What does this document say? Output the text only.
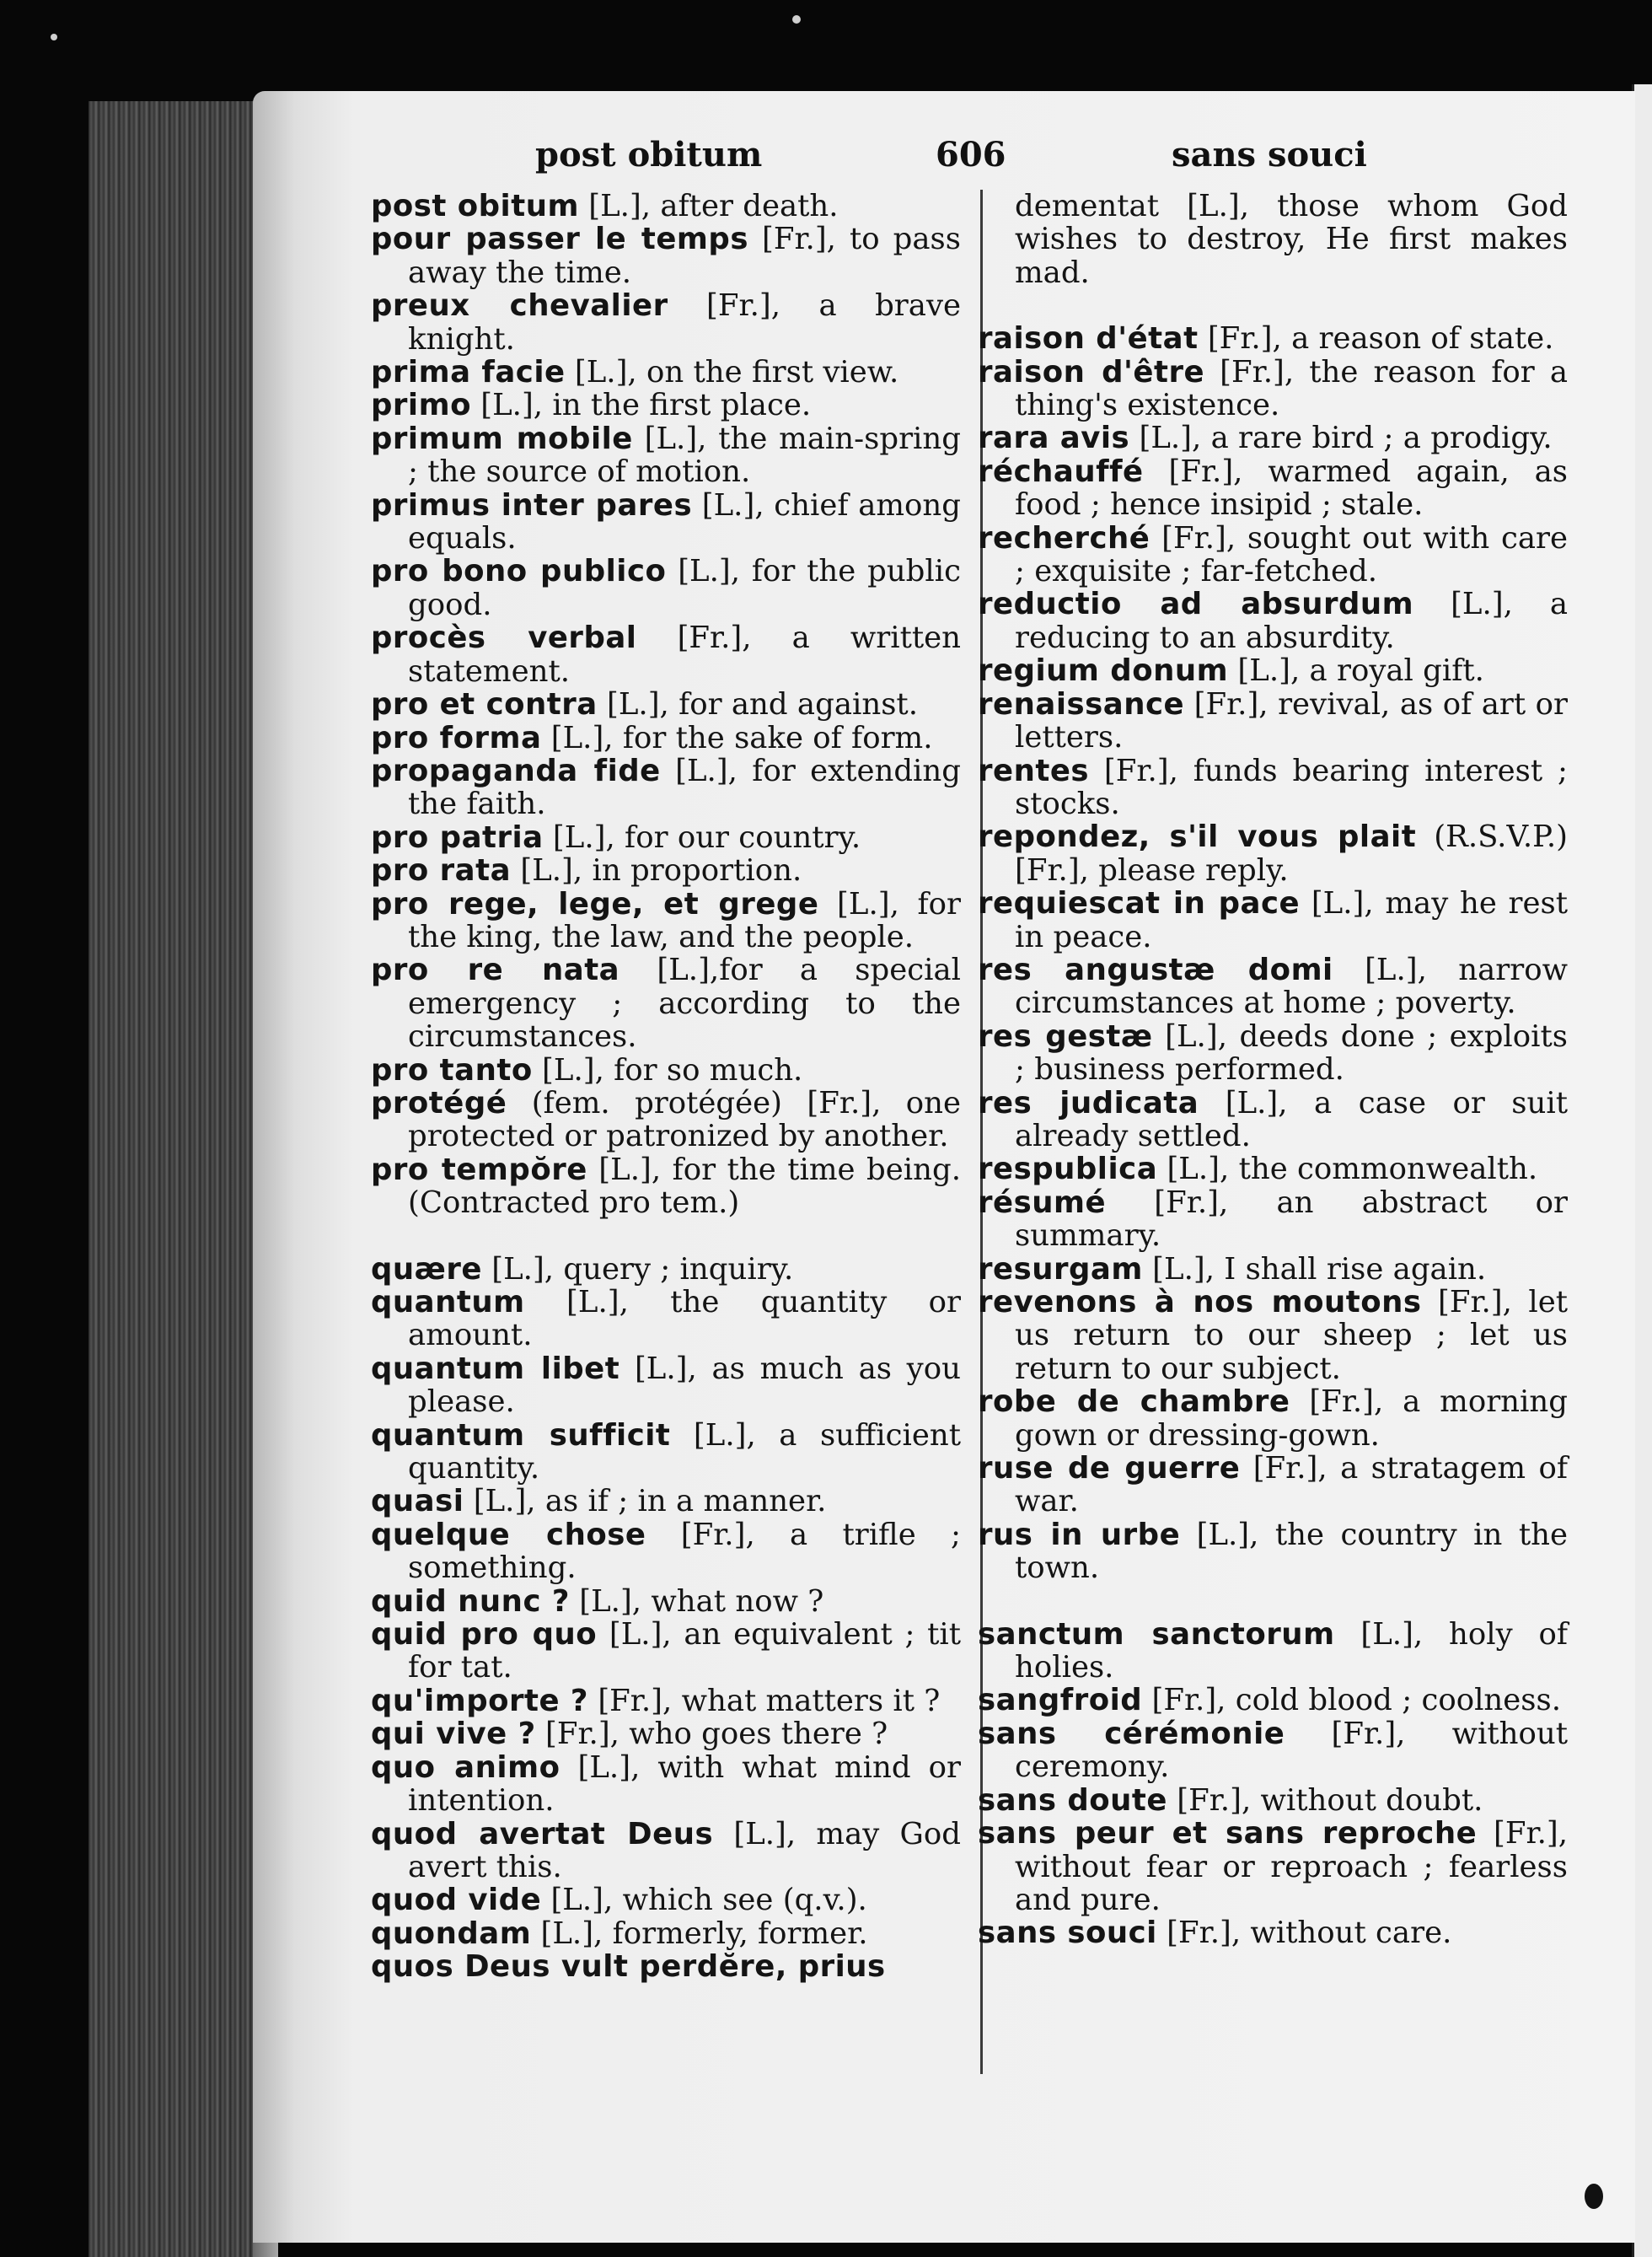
post obitum	606	sans souci

post obitum [L.], after death.

pour passer le temps [Fr.], to pass away the time.

preux chevalier [Fr.], a brave knight.

prima facie [L.], on the first view.

primo [L.], in the first place.

primum mobile [L.], the main-spring ; the source of motion.

primus inter pares [L.], chief among equals.

pro bono publico [L.], for the public good.

procès verbal [Fr.], a written statement.

pro et contra [L.], for and against.

pro forma [L.], for the sake of form.

propaganda fide [L.], for extending the faith.

pro patria [L.], for our country.

pro rata [L.], in proportion.

pro rege, lege, et grege [L.], for the king, the law, and the people.

pro re nata [L.],for a special emergency ; according to the circumstances.

pro tanto [L.], for so much.

protégé (fem. protégée) [Fr.], one protected or patronized by another.

pro tempŏre [L.], for the time being. (Contracted pro tem.)

quære [L.], query ; inquiry.

quantum [L.], the quantity or amount.

quantum libet [L.], as much as you please.

quantum sufficit [L.], a sufficient quantity.

quasi [L.], as if ; in a manner.

quelque chose [Fr.], a trifle ; something.

quid nunc ? [L.], what now ?

quid pro quo [L.], an equivalent ; tit for tat.

qu'importe ? [Fr.], what matters it ?

qui vive ? [Fr.], who goes there ?

quo animo [L.], with what mind or intention.

quod avertat Deus [L.], may God avert this.

quod vide [L.], which see (q.v.).

quondam [L.], formerly, former.

quos Deus vult perdĕre, prius

dementat [L.], those whom God wishes to destroy, He first makes mad.

raison d'état [Fr.], a reason of state.

raison d'être [Fr.], the reason for a thing's existence.

rara avis [L.], a rare bird ; a prodigy.

réchauffé [Fr.], warmed again, as food ; hence insipid ; stale.

recherché [Fr.], sought out with care ; exquisite ; far-fetched.

reductio ad absurdum [L.], a reducing to an absurdity.

regium donum [L.], a royal gift.

renaissance [Fr.], revival, as of art or letters.

rentes [Fr.], funds bearing interest ; stocks.

repondez, s'il vous plait (R.S.V.P.) [Fr.], please reply.

requiescat in pace [L.], may he rest in peace.

res angustæ domi [L.], narrow circumstances at home ; poverty.

res gestæ [L.], deeds done ; exploits ; business performed.

res judicata [L.], a case or suit already settled.

respublica [L.], the commonwealth.

résumé [Fr.], an abstract or summary.

resurgam [L.], I shall rise again.

revenons à nos moutons [Fr.], let us return to our sheep ; let us return to our subject.

robe de chambre [Fr.], a morning gown or dressing-gown.

ruse de guerre [Fr.], a stratagem of war.

rus in urbe [L.], the country in the town.

sanctum sanctorum [L.], holy of holies.

sangfroid [Fr.], cold blood ; coolness.

sans cérémonie [Fr.], without ceremony.

sans doute [Fr.], without doubt.

sans peur et sans reproche [Fr.], without fear or reproach ; fearless and pure.

sans souci [Fr.], without care.
